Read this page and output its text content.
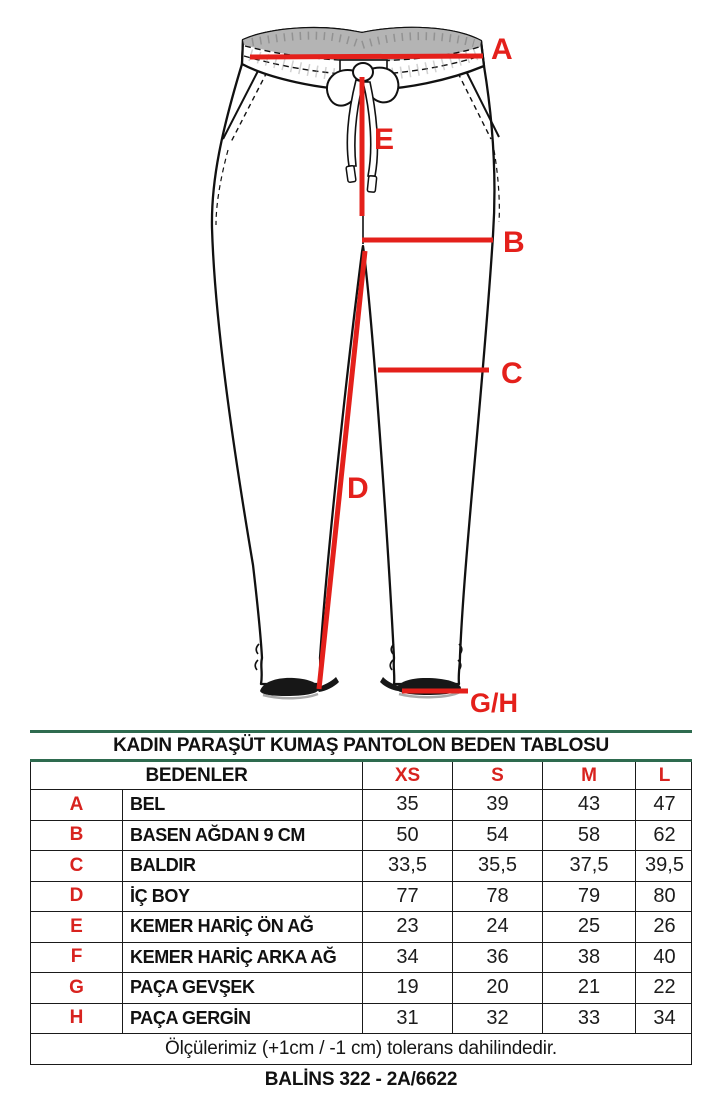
A
E
B
C
D
G/H
KADIN PARAŞÜT KUMAŞ PANTOLON BEDEN TABLOSU
BEDENLER	XS	S	M	L
A	BEL	35	39	43	47
B	BASEN AĞDAN 9 CM	50	54	58	62
C	BALDIR	33,5	35,5	37,5	39,5
D	İÇ BOY	77	78	79	80
E	KEMER HARİÇ ÖN AĞ	23	24	25	26
F	KEMER HARİÇ ARKA AĞ	34	36	38	40
G	PAÇA GEVŞEK	19	20	21	22
H	PAÇA GERGİN	31	32	33	34
Ölçülerimiz (+1cm / -1 cm) tolerans dahilindedir.
BALİNS 322 - 2A/6622
